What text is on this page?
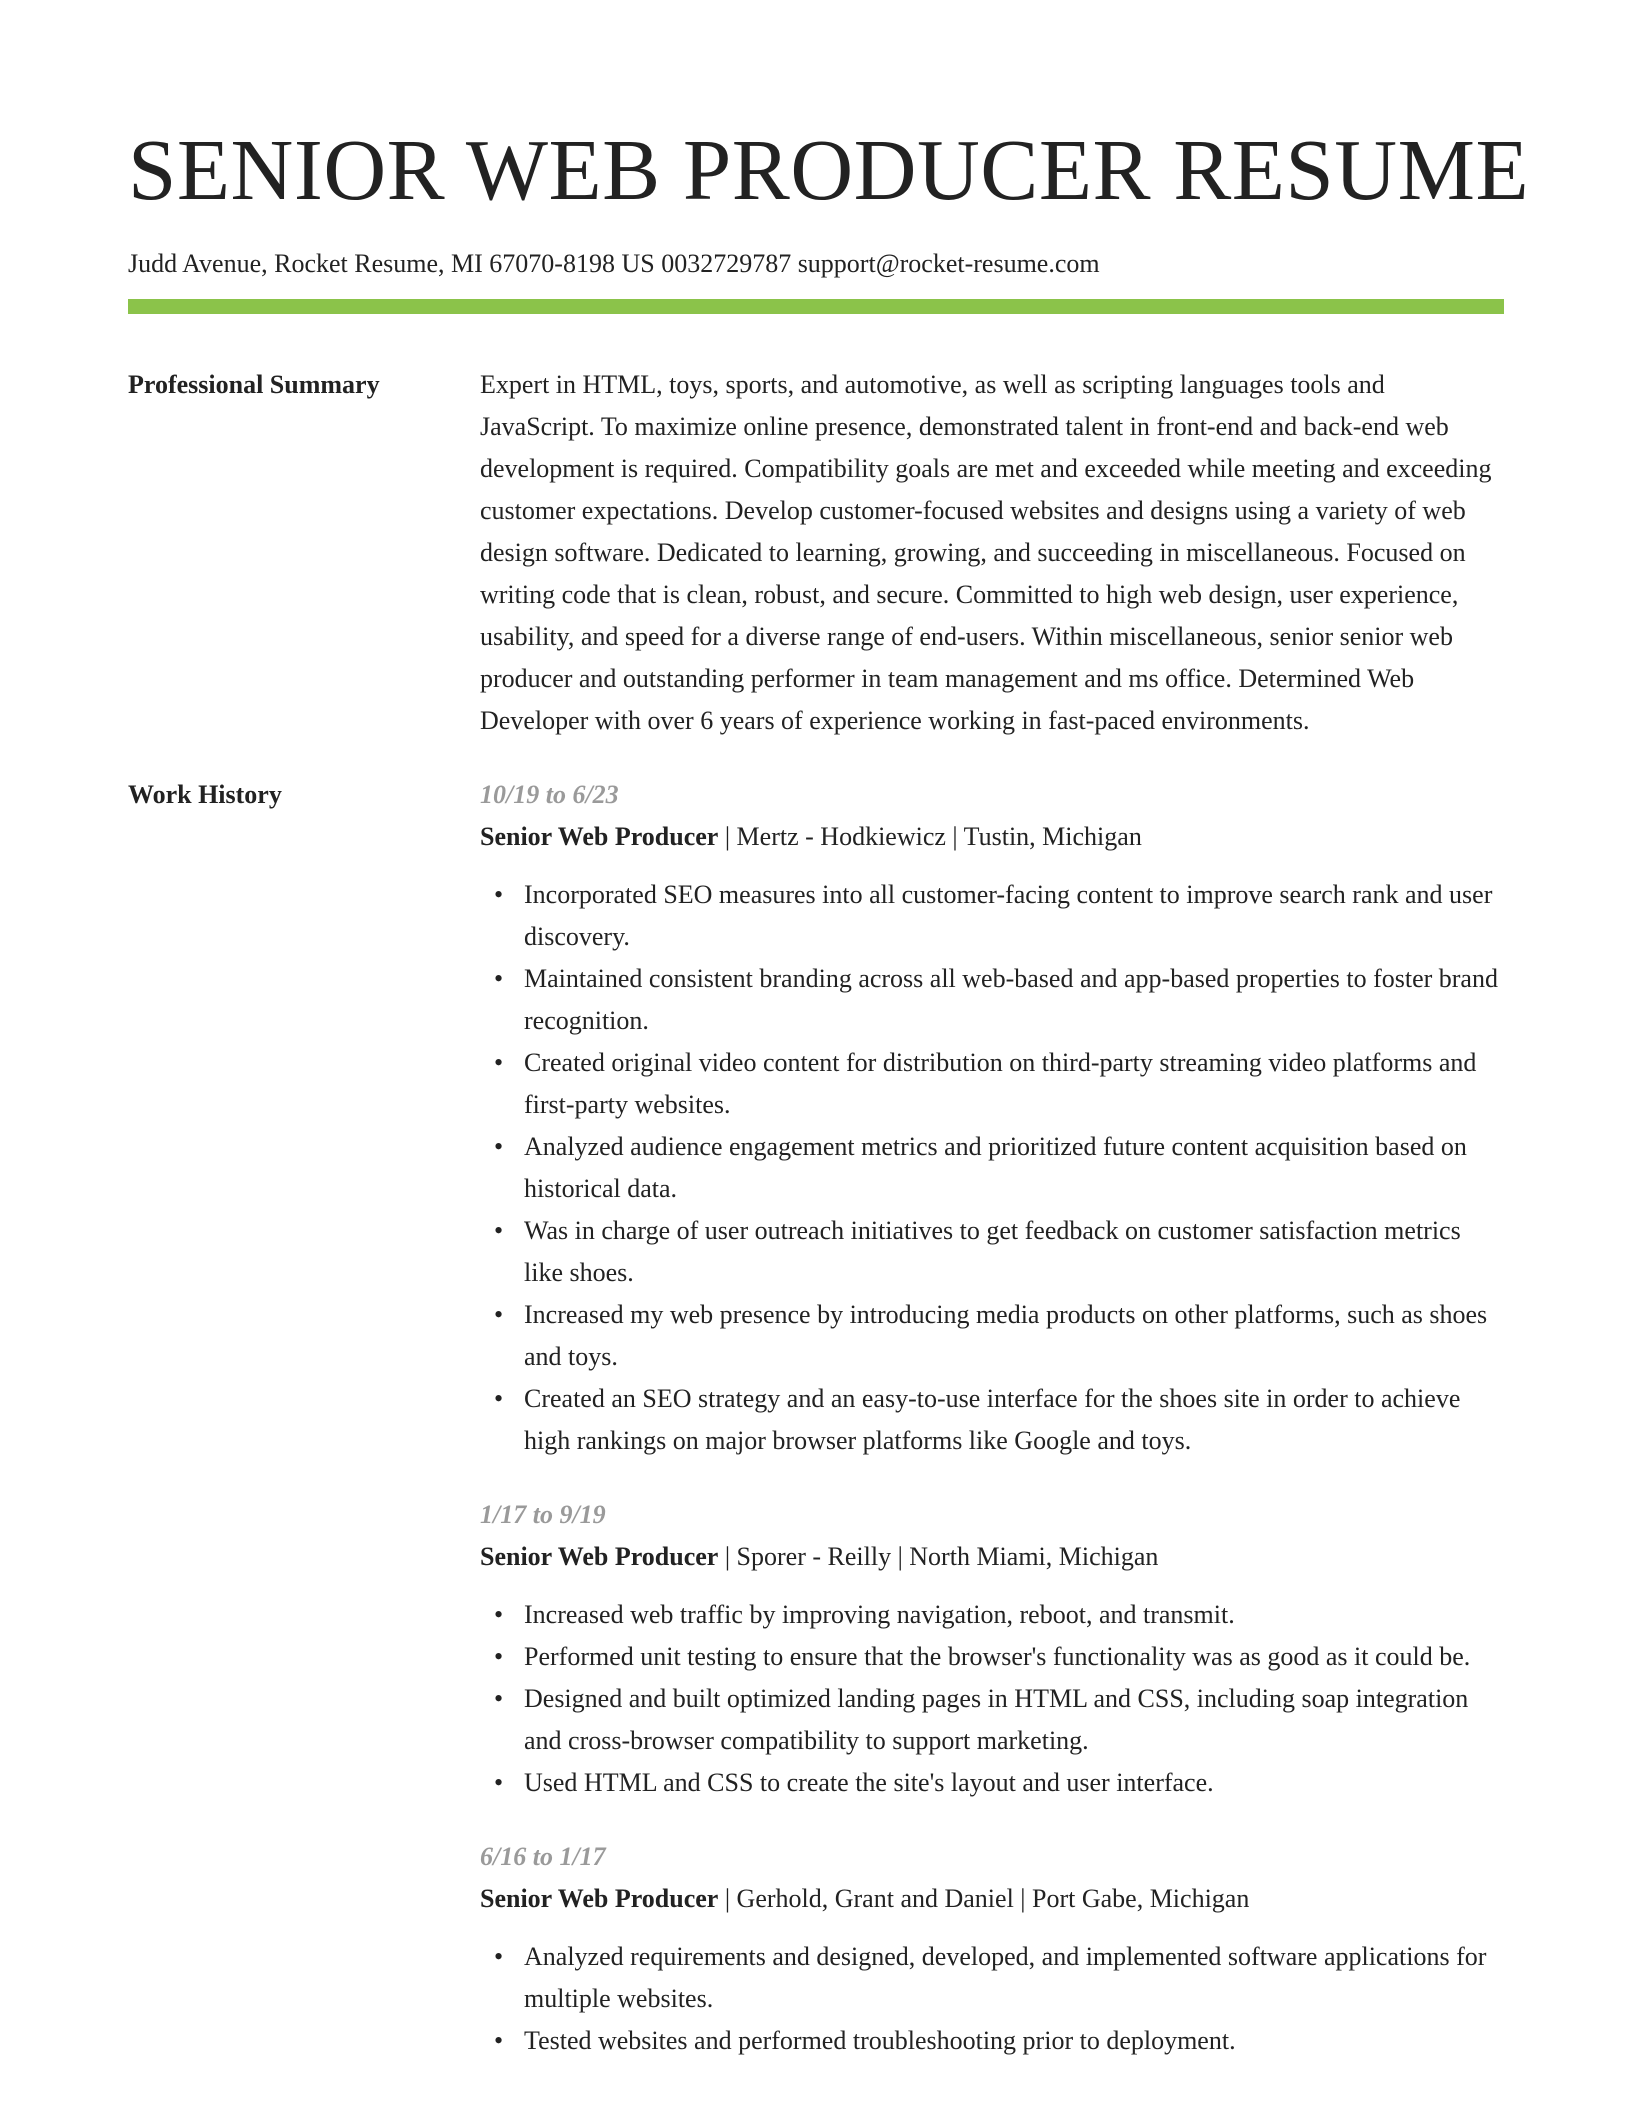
SENIOR WEB PRODUCER RESUME
Judd Avenue, Rocket Resume, MI 67070-8198 US 0032729787 support@rocket-resume.com
Professional Summary	Expert in HTML, toys, sports, and automotive, as well as scripting languages tools and JavaScript. To maximize online presence, demonstrated talent in front-end and back-end web development is required. Compatibility goals are met and exceeded while meeting and exceeding customer expectations. Develop customer-focused websites and designs using a variety of web design software. Dedicated to learning, growing, and succeeding in miscellaneous. Focused on writing code that is clean, robust, and secure. Committed to high web design, user experience, usability, and speed for a diverse range of end-users. Within miscellaneous, senior senior web producer and outstanding performer in team management and ms office. Determined Web Developer with over 6 years of experience working in fast-paced environments.
Work History	10/19 to 6/23
Senior Web Producer | Mertz - Hodkiewicz | Tustin, Michigan
• Incorporated SEO measures into all customer-facing content to improve search rank and user discovery.
• Maintained consistent branding across all web-based and app-based properties to foster brand recognition.
• Created original video content for distribution on third-party streaming video platforms and first-party websites.
• Analyzed audience engagement metrics and prioritized future content acquisition based on historical data.
• Was in charge of user outreach initiatives to get feedback on customer satisfaction metrics like shoes.
• Increased my web presence by introducing media products on other platforms, such as shoes and toys.
• Created an SEO strategy and an easy-to-use interface for the shoes site in order to achieve high rankings on major browser platforms like Google and toys.
1/17 to 9/19
Senior Web Producer | Sporer - Reilly | North Miami, Michigan
• Increased web traffic by improving navigation, reboot, and transmit.
• Performed unit testing to ensure that the browser's functionality was as good as it could be.
• Designed and built optimized landing pages in HTML and CSS, including soap integration and cross-browser compatibility to support marketing.
• Used HTML and CSS to create the site's layout and user interface.
6/16 to 1/17
Senior Web Producer | Gerhold, Grant and Daniel | Port Gabe, Michigan
• Analyzed requirements and designed, developed, and implemented software applications for multiple websites.
• Tested websites and performed troubleshooting prior to deployment.
